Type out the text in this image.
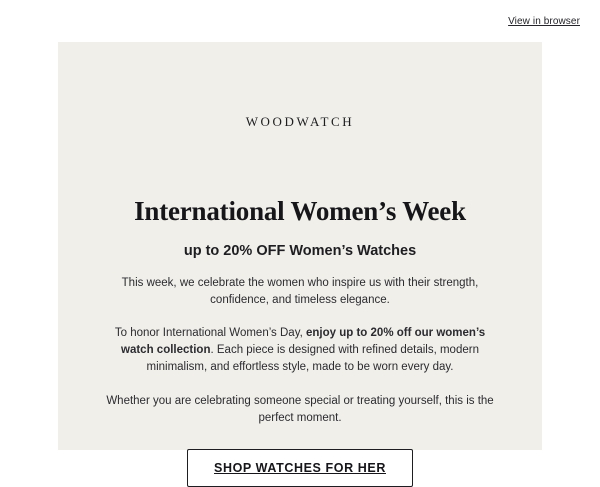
View in browser
WOODWATCH
International Women’s Week
up to 20% OFF Women’s Watches
This week, we celebrate the women who inspire us with their strength, confidence, and timeless elegance.
To honor International Women’s Day, enjoy up to 20% off our women’s watch collection. Each piece is designed with refined details, modern minimalism, and effortless style, made to be worn every day.
Whether you are celebrating someone special or treating yourself, this is the perfect moment.
SHOP WATCHES FOR HER
